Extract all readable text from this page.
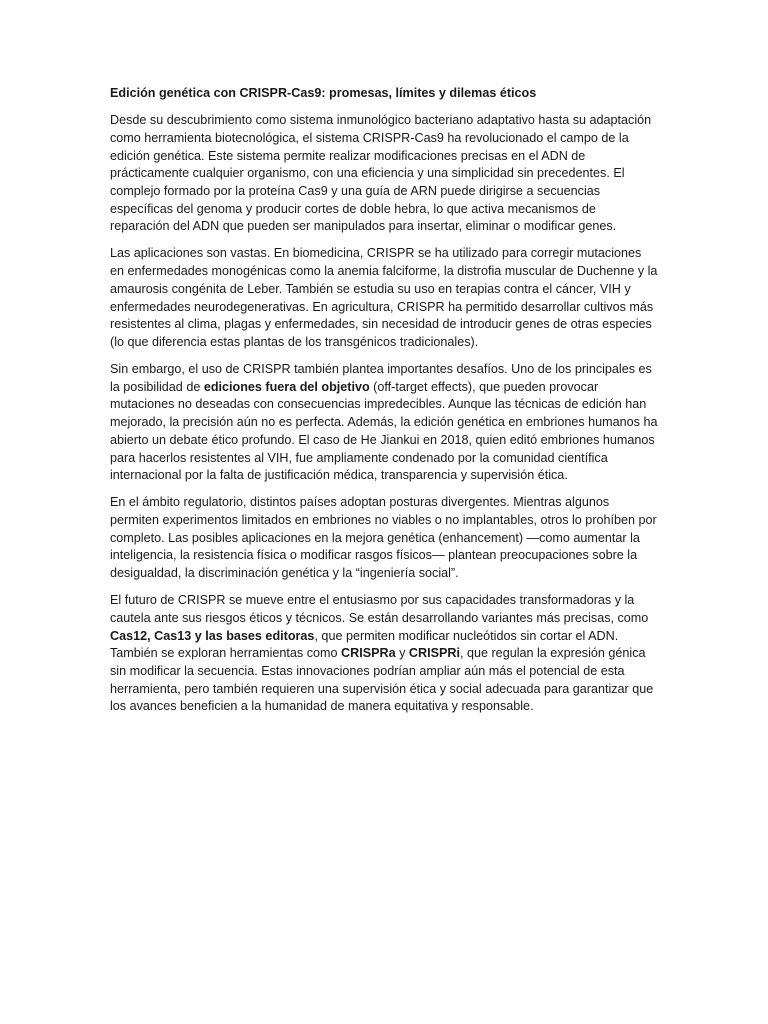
Edición genética con CRISPR-Cas9: promesas, límites y dilemas éticos

Desde su descubrimiento como sistema inmunológico bacteriano adaptativo hasta su adaptación como herramienta biotecnológica, el sistema CRISPR-Cas9 ha revolucionado el campo de la edición genética. Este sistema permite realizar modificaciones precisas en el ADN de prácticamente cualquier organismo, con una eficiencia y una simplicidad sin precedentes. El complejo formado por la proteína Cas9 y una guía de ARN puede dirigirse a secuencias específicas del genoma y producir cortes de doble hebra, lo que activa mecanismos de reparación del ADN que pueden ser manipulados para insertar, eliminar o modificar genes.

Las aplicaciones son vastas. En biomedicina, CRISPR se ha utilizado para corregir mutaciones en enfermedades monogénicas como la anemia falciforme, la distrofia muscular de Duchenne y la amaurosis congénita de Leber. También se estudia su uso en terapias contra el cáncer, VIH y enfermedades neurodegenerativas. En agricultura, CRISPR ha permitido desarrollar cultivos más resistentes al clima, plagas y enfermedades, sin necesidad de introducir genes de otras especies (lo que diferencia estas plantas de los transgénicos tradicionales).

Sin embargo, el uso de CRISPR también plantea importantes desafíos. Uno de los principales es la posibilidad de ediciones fuera del objetivo (off-target effects), que pueden provocar mutaciones no deseadas con consecuencias impredecibles. Aunque las técnicas de edición han mejorado, la precisión aún no es perfecta. Además, la edición genética en embriones humanos ha abierto un debate ético profundo. El caso de He Jiankui en 2018, quien editó embriones humanos para hacerlos resistentes al VIH, fue ampliamente condenado por la comunidad científica internacional por la falta de justificación médica, transparencia y supervisión ética.

En el ámbito regulatorio, distintos países adoptan posturas divergentes. Mientras algunos permiten experimentos limitados en embriones no viables o no implantables, otros lo prohíben por completo. Las posibles aplicaciones en la mejora genética (enhancement) —como aumentar la inteligencia, la resistencia física o modificar rasgos físicos— plantean preocupaciones sobre la desigualdad, la discriminación genética y la “ingeniería social”.

El futuro de CRISPR se mueve entre el entusiasmo por sus capacidades transformadoras y la cautela ante sus riesgos éticos y técnicos. Se están desarrollando variantes más precisas, como Cas12, Cas13 y las bases editoras, que permiten modificar nucleótidos sin cortar el ADN. También se exploran herramientas como CRISPRa y CRISPRi, que regulan la expresión génica sin modificar la secuencia. Estas innovaciones podrían ampliar aún más el potencial de esta herramienta, pero también requieren una supervisión ética y social adecuada para garantizar que los avances beneficien a la humanidad de manera equitativa y responsable.
